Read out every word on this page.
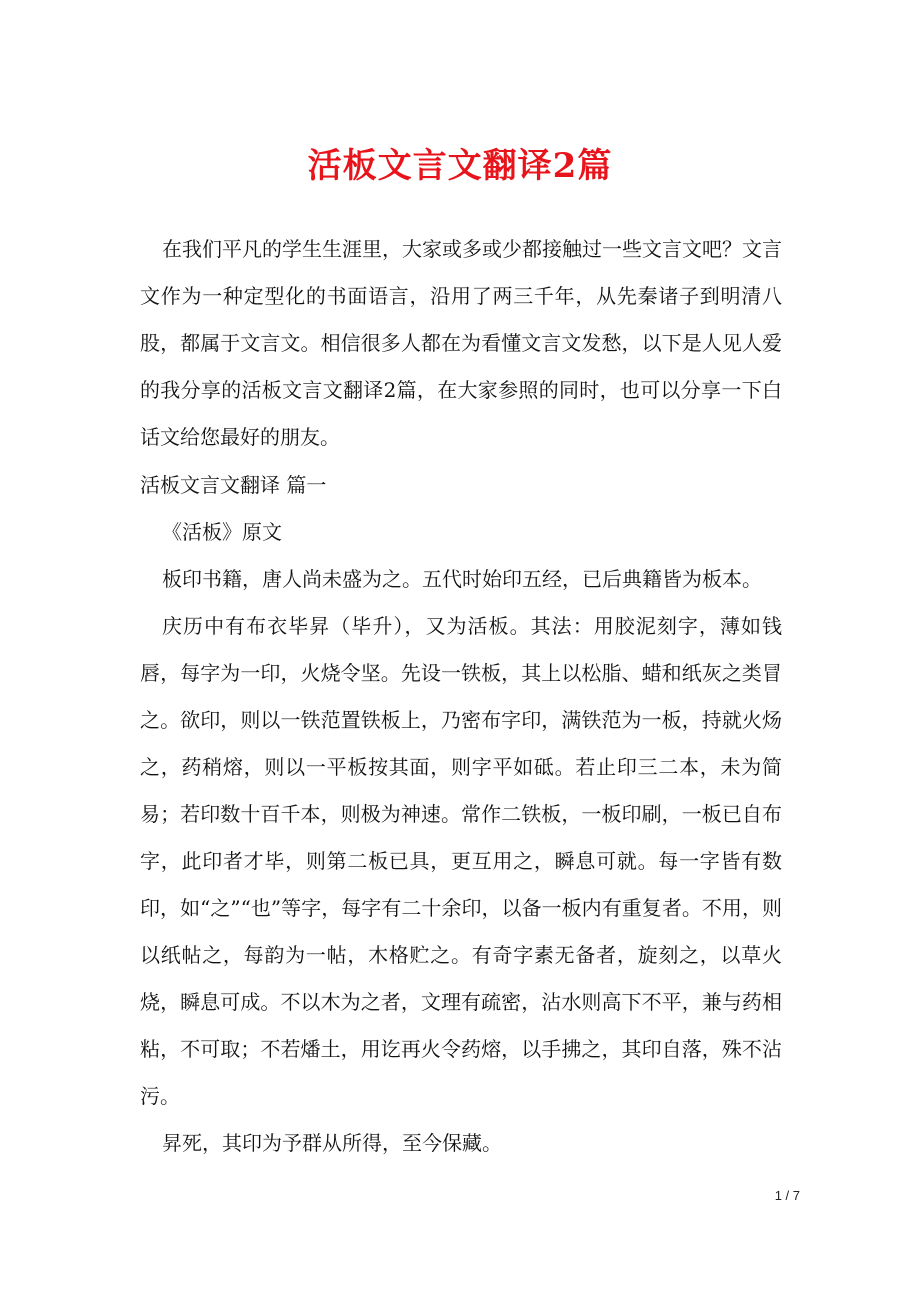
活板文言文翻译2篇

在我们平凡的学生生涯里，大家或多或少都接触过一些文言文吧？文言文作为一种定型化的书面语言，沿用了两三千年，从先秦诸子到明清八股，都属于文言文。相信很多人都在为看懂文言文发愁，以下是人见人爱的我分享的活板文言文翻译2篇，在大家参照的同时，也可以分享一下白话文给您最好的朋友。

活板文言文翻译 篇一

《活板》原文

板印书籍，唐人尚未盛为之。五代时始印五经，已后典籍皆为板本。

庆历中有布衣毕昇（毕升），又为活板。其法：用胶泥刻字，薄如钱唇，每字为一印，火烧令坚。先设一铁板，其上以松脂、蜡和纸灰之类冒之。欲印，则以一铁范置铁板上，乃密布字印，满铁范为一板，持就火炀之，药稍熔，则以一平板按其面，则字平如砥。若止印三二本，未为简易；若印数十百千本，则极为神速。常作二铁板，一板印刷，一板已自布字，此印者才毕，则第二板已具，更互用之，瞬息可就。每一字皆有数印，如“之”“也”等字，每字有二十余印，以备一板内有重复者。不用，则以纸帖之，每韵为一帖，木格贮之。有奇字素无备者，旋刻之，以草火烧，瞬息可成。不以木为之者，文理有疏密，沾水则高下不平，兼与药相粘，不可取；不若燔土，用讫再火令药熔，以手拂之，其印自落，殊不沾污。

昇死，其印为予群从所得，至今保藏。

1 / 7
